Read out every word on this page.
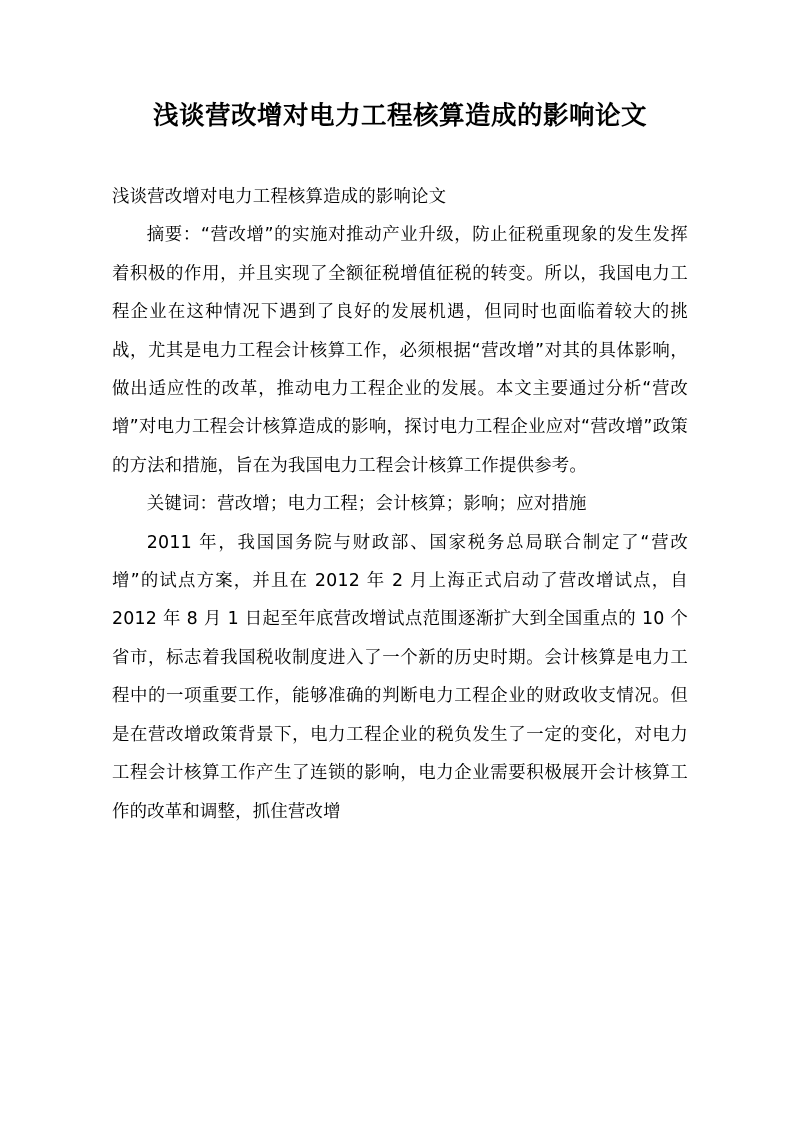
浅谈营改增对电力工程核算造成的影响论文

浅谈营改增对电力工程核算造成的影响论文

摘要：“营改增”的实施对推动产业升级，防止征税重现象的发生发挥着积极的作用，并且实现了全额征税增值征税的转变。所以，我国电力工程企业在这种情况下遇到了良好的发展机遇，但同时也面临着较大的挑战，尤其是电力工程会计核算工作，必须根据“营改增”对其的具体影响，做出适应性的改革，推动电力工程企业的发展。本文主要通过分析“营改增”对电力工程会计核算造成的影响，探讨电力工程企业应对“营改增”政策的方法和措施，旨在为我国电力工程会计核算工作提供参考。

关键词：营改增；电力工程；会计核算；影响；应对措施

2011 年，我国国务院与财政部、国家税务总局联合制定了“营改增”的试点方案，并且在 2012 年 2 月上海正式启动了营改增试点，自 2012 年 8 月 1 日起至年底营改增试点范围逐渐扩大到全国重点的 10 个省市，标志着我国税收制度进入了一个新的历史时期。会计核算是电力工程中的一项重要工作，能够准确的判断电力工程企业的财政收支情况。但是在营改增政策背景下，电力工程企业的税负发生了一定的变化，对电力工程会计核算工作产生了连锁的影响，电力企业需要积极展开会计核算工作的改革和调整，抓住营改增
